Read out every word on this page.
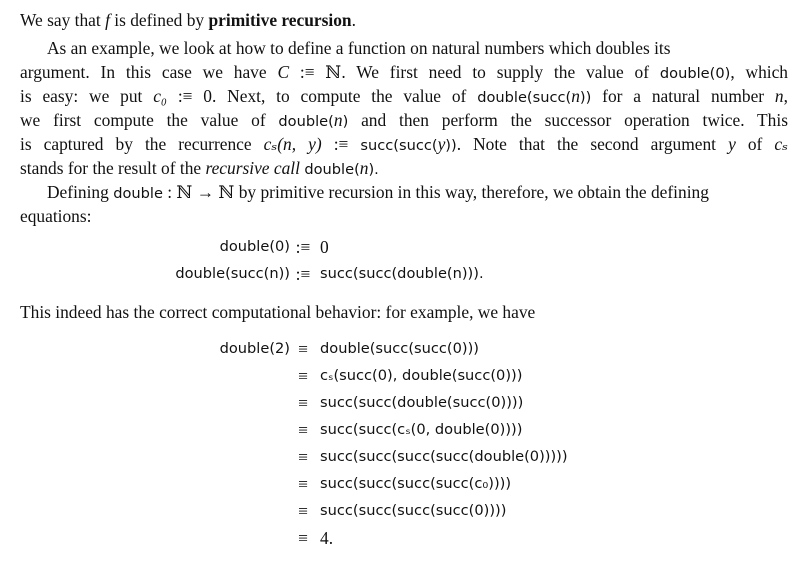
We say that f is defined by primitive recursion.
As an example, we look at how to define a function on natural numbers which doubles its
argument. In this case we have C :≡ ℕ. We first need to supply the value of double(0), which
is easy: we put c₀ :≡ 0. Next, to compute the value of double(succ(n)) for a natural number n,
we first compute the value of double(n) and then perform the successor operation twice. This
is captured by the recurrence cₛ(n, y) :≡ succ(succ(y)). Note that the second argument y of cₛ
stands for the result of the recursive call double(n).
Defining double : ℕ → ℕ by primitive recursion in this way, therefore, we obtain the defining
equations:
double(0) :≡ 0
double(succ(n)) :≡ succ(succ(double(n))).
This indeed has the correct computational behavior: for example, we have
double(2) ≡ double(succ(succ(0)))
≡ cₛ(succ(0), double(succ(0)))
≡ succ(succ(double(succ(0))))
≡ succ(succ(cₛ(0, double(0))))
≡ succ(succ(succ(succ(double(0)))))
≡ succ(succ(succ(succ(c₀))))
≡ succ(succ(succ(succ(0))))
≡ 4.
